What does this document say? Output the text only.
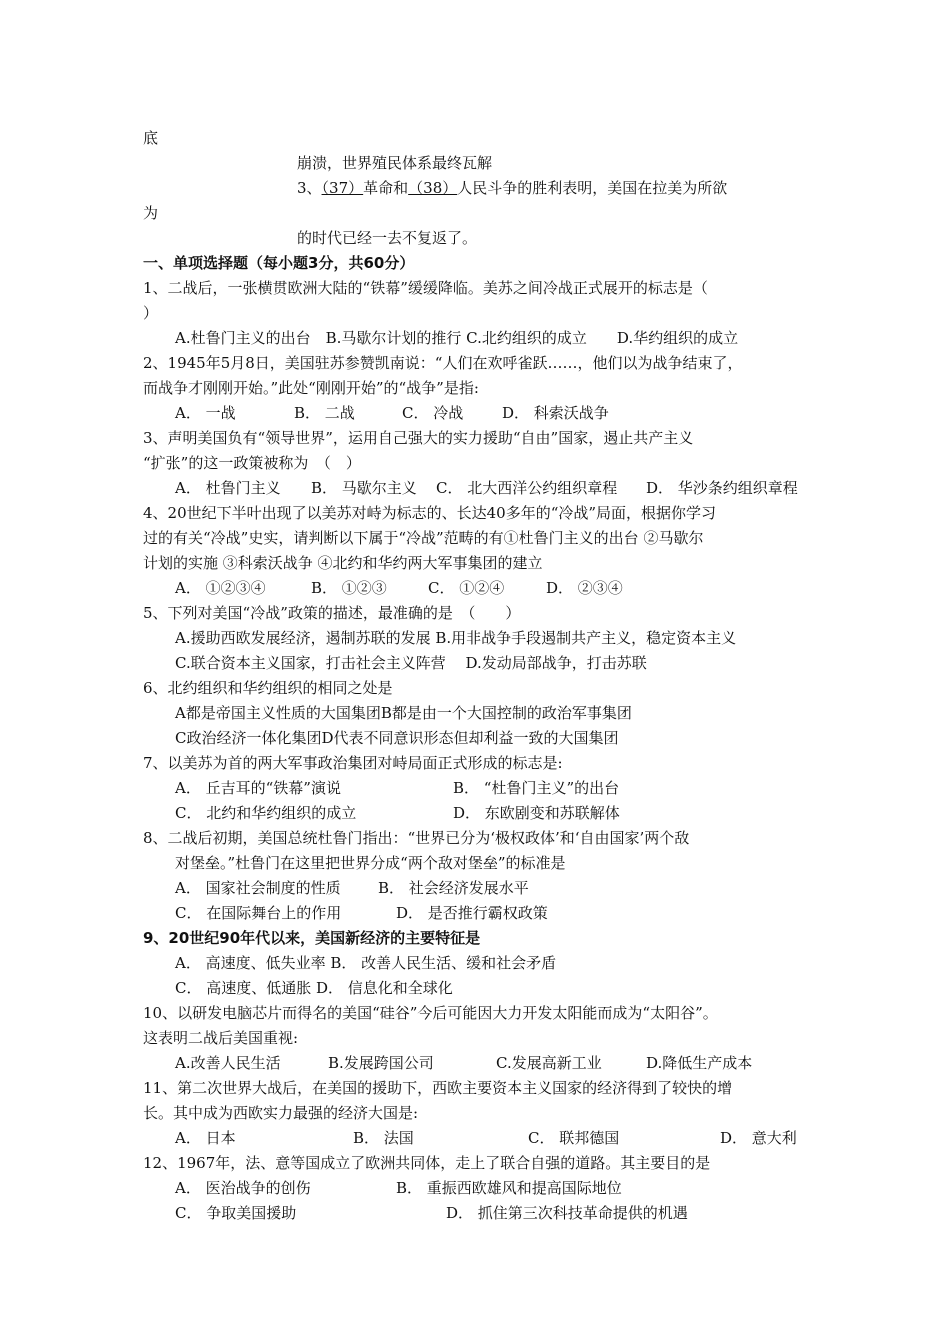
底
崩溃，世界殖民体系最终瓦解
3、（37）革命和（38）人民斗争的胜利表明，美国在拉美为所欲
为
的时代已经一去不复返了。
一、单项选择题（每小题3分，共60分）
1、二战后，一张横贯欧洲大陆的“铁幕”缓缓降临。美苏之间冷战正式展开的标志是（
）
A.杜鲁门主义的出台　B.马歇尔计划的推行 C.北约组织的成立　　D.华约组织的成立
2、1945年5月8日，美国驻苏参赞凯南说：“人们在欢呼雀跃……，他们以为战争结束了，
而战争才刚刚开始。”此处“刚刚开始”的“战争”是指:
A． 一战	B． 二战	C． 冷战	D． 科索沃战争
3、声明美国负有“领导世界”，运用自己强大的实力援助“自由”国家，遏止共产主义
“扩张”的这一政策被称为　（　）
A． 杜鲁门主义 B． 马歇尔主义 C． 北大西洋公约组织章程 D． 华沙条约组织章程
4、20世纪下半叶出现了以美苏对峙为标志的、长达40多年的“冷战”局面，根据你学习
过的有关“冷战”史实，请判断以下属于“冷战”范畴的有①杜鲁门主义的出台 ②马歇尔
计划的实施 ③科索沃战争 ④北约和华约两大军事集团的建立
A． ①②③④	B． ①②③	C． ①②④	D． ②③④
5、下列对美国“冷战”政策的描述，最准确的是　（　　）
A.援助西欧发展经济，遏制苏联的发展 B.用非战争手段遏制共产主义，稳定资本主义
C.联合资本主义国家，打击社会主义阵营　 D.发动局部战争，打击苏联
6、北约组织和华约组织的相同之处是
A都是帝国主义性质的大国集团B都是由一个大国控制的政治军事集团
C政治经济一体化集团D代表不同意识形态但却利益一致的大国集团
7、以美苏为首的两大军事政治集团对峙局面正式形成的标志是:
A． 丘吉耳的“铁幕”演说	B． “杜鲁门主义”的出台
C． 北约和华约组织的成立	D． 东欧剧变和苏联解体
8、二战后初期，美国总统杜鲁门指出：“世界已分为‘极权政体’和‘自由国家’两个敌
对堡垒。”杜鲁门在这里把世界分成“两个敌对堡垒”的标准是
A． 国家社会制度的性质 B． 社会经济发展水平
C． 在国际舞台上的作用	D． 是否推行霸权政策
9、20世纪90年代以来，美国新经济的主要特征是
A． 高速度、低失业率 B． 改善人民生活、缓和社会矛盾
C． 高速度、低通胀 D． 信息化和全球化
10、以研发电脑芯片而得名的美国“硅谷”今后可能因大力开发太阳能而成为“太阳谷”。
这表明二战后美国重视:
A.改善人民生活	B.发展跨国公司	C.发展高新工业	D.降低生产成本
11、第二次世界大战后，在美国的援助下，西欧主要资本主义国家的经济得到了较快的增
长。其中成为西欧实力最强的经济大国是:
A． 日本	B． 法国	C． 联邦德国	D． 意大利
12、1967年，法、意等国成立了欧洲共同体，走上了联合自强的道路。其主要目的是
A． 医治战争的创伤	B． 重振西欧雄风和提高国际地位
C． 争取美国援助	D． 抓住第三次科技革命提供的机遇
